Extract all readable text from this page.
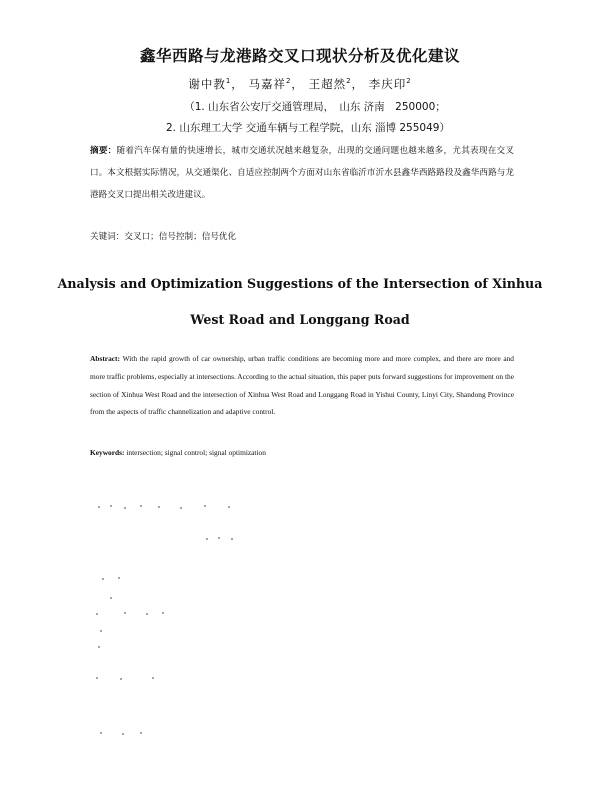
鑫华西路与龙港路交叉口现状分析及优化建议
谢中教$^1$， 马嘉祥$^2$， 王超然$^2$， 李庆印$^2$
（1. 山东省公安厅交通管理局，　山东 济南　250000；
2. 山东理工大学 交通车辆与工程学院，山东 淄博 255049）
摘要：随着汽车保有量的快速增长，城市交通状况越来越复杂，出现的交通问题也越来越多，尤其表现在交叉口。本文根据实际情况，从交通渠化、自适应控制两个方面对山东省临沂市沂水县鑫华西路路段及鑫华西路与龙港路交叉口提出相关改进建议。
关键词：交叉口；信号控制；信号优化
Analysis and Optimization Suggestions of the Intersection of Xinhua
West Road and Longgang Road
Abstract: With the rapid growth of car ownership, urban traffic conditions are becoming more and more complex, and there are more and more traffic problems, especially at intersections. According to the actual situation, this paper puts forward suggestions for improvement on the section of Xinhua West Road and the intersection of Xinhua West Road and Longgang Road in Yishui County, Linyi City, Shandong Province from the aspects of traffic channelization and adaptive control.
Keywords: intersection; signal control; signal optimization
